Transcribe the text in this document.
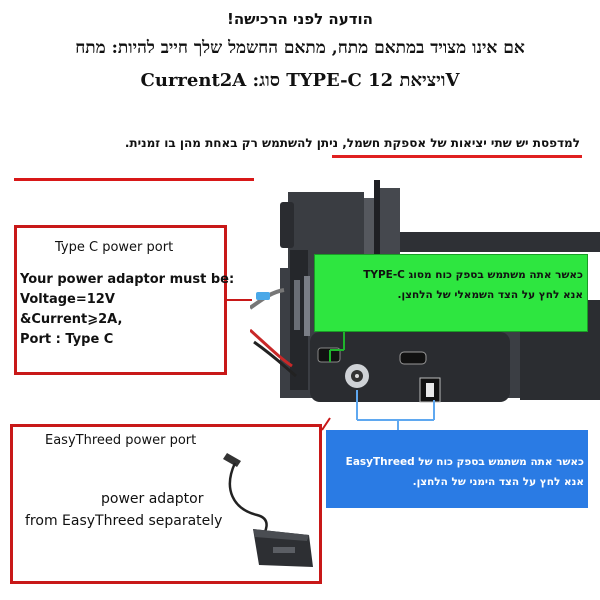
הודעה לפני הרכישה!
אם אינו מצויד במתאם מתח, מתאם החשמל שלך חייב להיות: מתח
Current2A :סוג TYPE-C ויציאת 12V
למדפסת יש שתי יציאות של אספקת חשמל, ניתן להשתמש רק באחת מהן בו זמנית.
Type C power port
Your power adaptor must be:
Voltage=12V
&Current⩾2A,
Port : Type C
EasyThreed power port
power adaptor
from EasyThreed separately
כאשר אתה משתמש בספק כוח מסוג TYPE-C
אנא לחץ על הצד השמאלי של הלחצן.
כאשר אתה משתמש בספק כוח של EasyThreed
אנא לחץ על הצד הימני של הלחצן.
